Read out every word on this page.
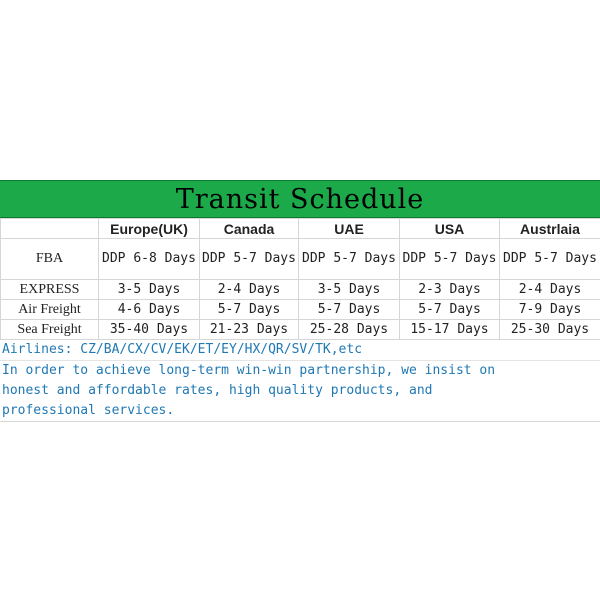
Transit Schedule
	Europe(UK)	Canada	UAE	USA	Austrlaia
FBA	DDP 6-8 Days	DDP 5-7 Days	DDP 5-7 Days	DDP 5-7 Days	DDP 5-7 Days
EXPRESS	3-5 Days	2-4 Days	3-5 Days	2-3 Days	2-4 Days
Air Freight	4-6 Days	5-7 Days	5-7 Days	5-7 Days	7-9 Days
Sea Freight	35-40 Days	21-23 Days	25-28 Days	15-17 Days	25-30 Days
Airlines: CZ/BA/CX/CV/EK/ET/EY/HX/QR/SV/TK,etc
In order to achieve long-term win-win partnership, we insist on
honest and affordable rates, high quality products, and
professional services.
